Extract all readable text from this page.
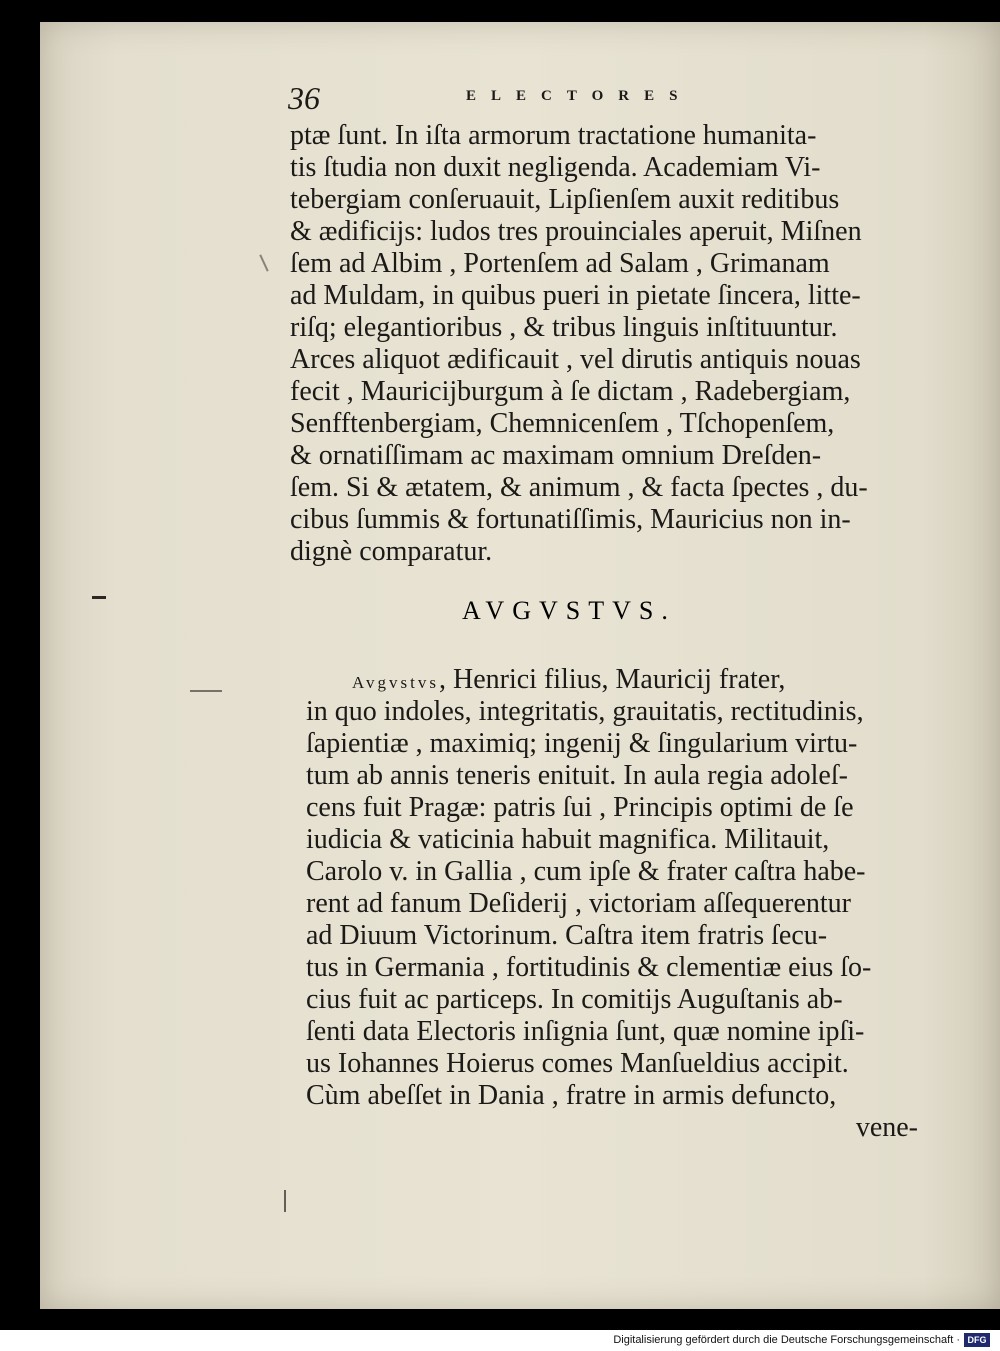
36	ELECTORES
ptæ ſunt. In iſta armorum tractatione humanita-
tis ſtudia non duxit negligenda. Academiam Vi-
tebergiam conſeruauit, Lipſienſem auxit reditibus
& ædificijs: ludos tres prouinciales aperuit, Miſnen
ſem ad Albim , Portenſem ad Salam , Grimanam
ad Muldam, in quibus pueri in pietate ſincera, litte-
riſq; elegantioribus , & tribus linguis inſtituuntur.
Arces aliquot ædificauit , vel dirutis antiquis nouas
fecit , Mauricijburgum à ſe dictam , Radebergiam,
Senfftenbergiam, Chemnicenſem , Tſchopenſem,
& ornatiſſimam ac maximam omnium Dreſden-
ſem. Si & ætatem, & animum , & facta ſpectes , du-
cibus ſummis & fortunatiſſimis, Mauricius non in-
dignè comparatur.
AVGVSTVS.
Avgvstvs, Henrici filius, Mauricij frater,
in quo indoles, integritatis, grauitatis, rectitudinis,
ſapientiæ , maximiq; ingenij & ſingularium virtu-
tum ab annis teneris enituit. In aula regia adoleſ-
cens fuit Pragæ: patris ſui , Principis optimi de ſe
iudicia & vaticinia habuit magnifica. Militauit,
Carolo v. in Gallia , cum ipſe & frater caſtra habe-
rent ad fanum Deſiderij , victoriam aſſequerentur
ad Diuum Victorinum. Caſtra item fratris ſecu-
tus in Germania , fortitudinis & clementiæ eius ſo-
cius fuit ac particeps. In comitijs Auguſtanis ab-
ſenti data Electoris inſignia ſunt, quæ nomine ipſi-
us Iohannes Hoierus comes Manſueldius accipit.
Cùm abeſſet in Dania , fratre in armis defuncto,
vene-
Digitalisierung gefördert durch die Deutsche Forschungsgemeinschaft · DFG
